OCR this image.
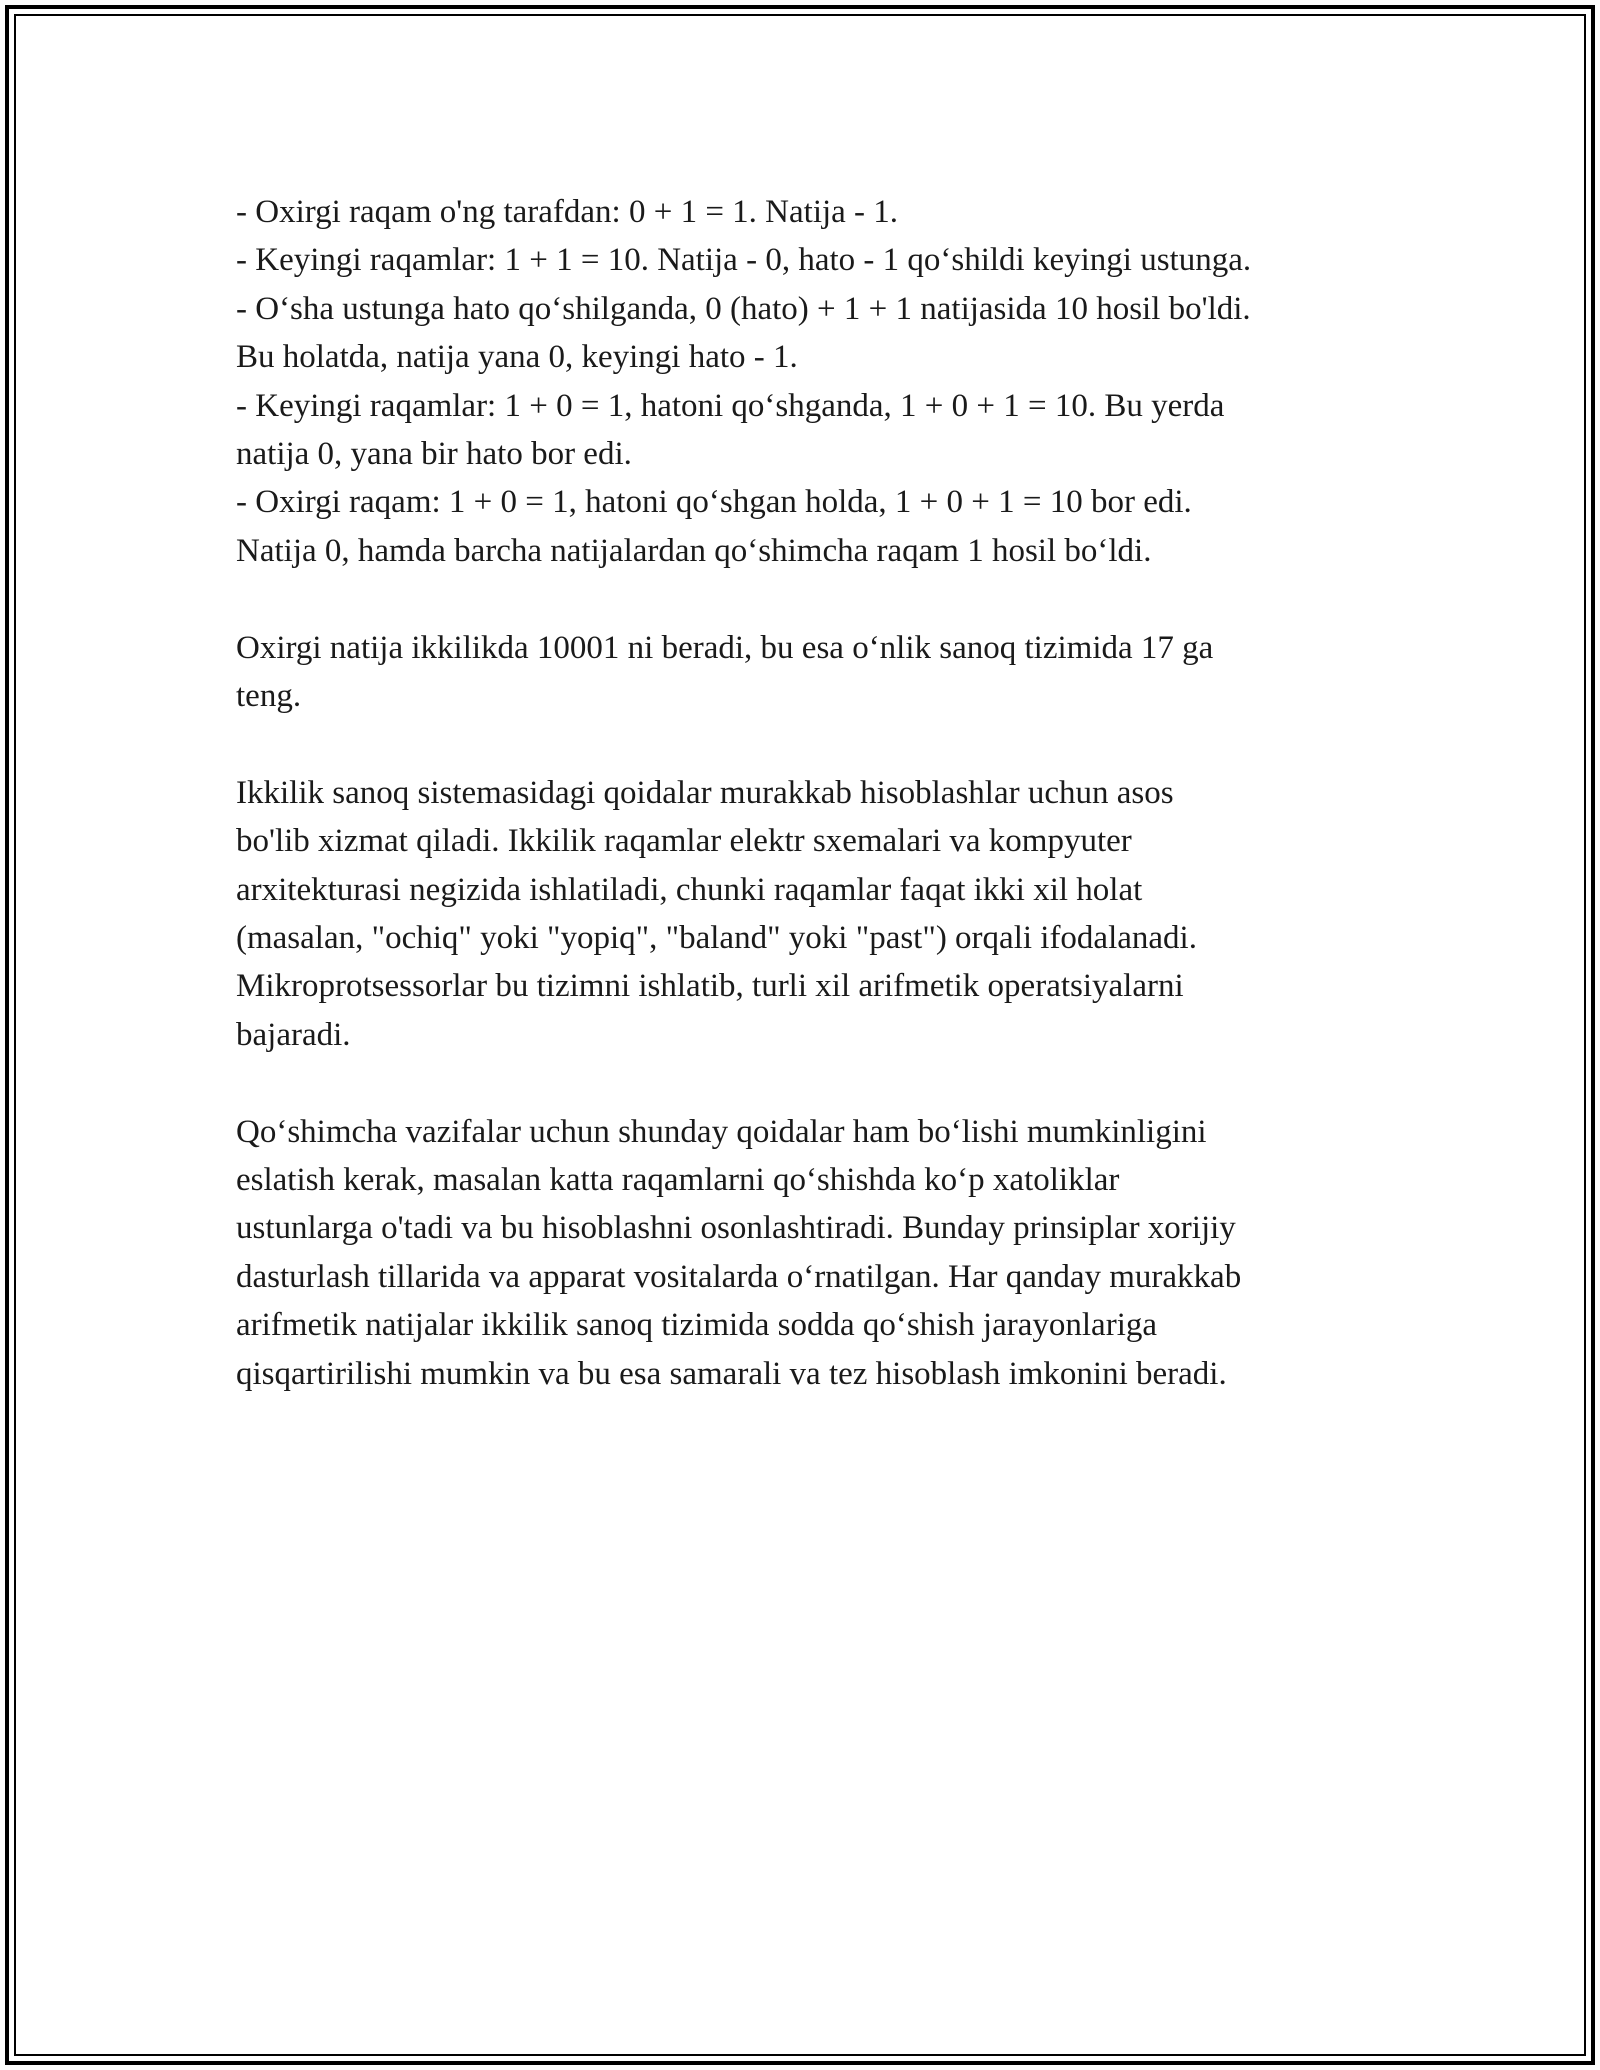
- Oxirgi raqam o'ng tarafdan: 0 + 1 = 1. Natija - 1.
- Keyingi raqamlar: 1 + 1 = 10. Natija - 0, hato - 1 qo‘shildi keyingi ustunga.
- O‘sha ustunga hato qo‘shilganda, 0 (hato) + 1 + 1 natijasida 10 hosil bo'ldi.
Bu holatda, natija yana 0, keyingi hato - 1.
- Keyingi raqamlar: 1 + 0 = 1, hatoni qo‘shganda, 1 + 0 + 1 = 10. Bu yerda
natija 0, yana bir hato bor edi.
- Oxirgi raqam: 1 + 0 = 1, hatoni qo‘shgan holda, 1 + 0 + 1 = 10 bor edi.
Natija 0, hamda barcha natijalardan qo‘shimcha raqam 1 hosil bo‘ldi.
Oxirgi natija ikkilikda 10001 ni beradi, bu esa o‘nlik sanoq tizimida 17 ga
teng.
Ikkilik sanoq sistemasidagi qoidalar murakkab hisoblashlar uchun asos
bo'lib xizmat qiladi. Ikkilik raqamlar elektr sxemalari va kompyuter
arxitekturasi negizida ishlatiladi, chunki raqamlar faqat ikki xil holat
(masalan, "ochiq" yoki "yopiq", "baland" yoki "past") orqali ifodalanadi.
Mikroprotsessorlar bu tizimni ishlatib, turli xil arifmetik operatsiyalarni
bajaradi.
Qo‘shimcha vazifalar uchun shunday qoidalar ham bo‘lishi mumkinligini
eslatish kerak, masalan katta raqamlarni qo‘shishda ko‘p xatoliklar
ustunlarga o'tadi va bu hisoblashni osonlashtiradi. Bunday prinsiplar xorijiy
dasturlash tillarida va apparat vositalarda o‘rnatilgan. Har qanday murakkab
arifmetik natijalar ikkilik sanoq tizimida sodda qo‘shish jarayonlariga
qisqartirilishi mumkin va bu esa samarali va tez hisoblash imkonini beradi.
